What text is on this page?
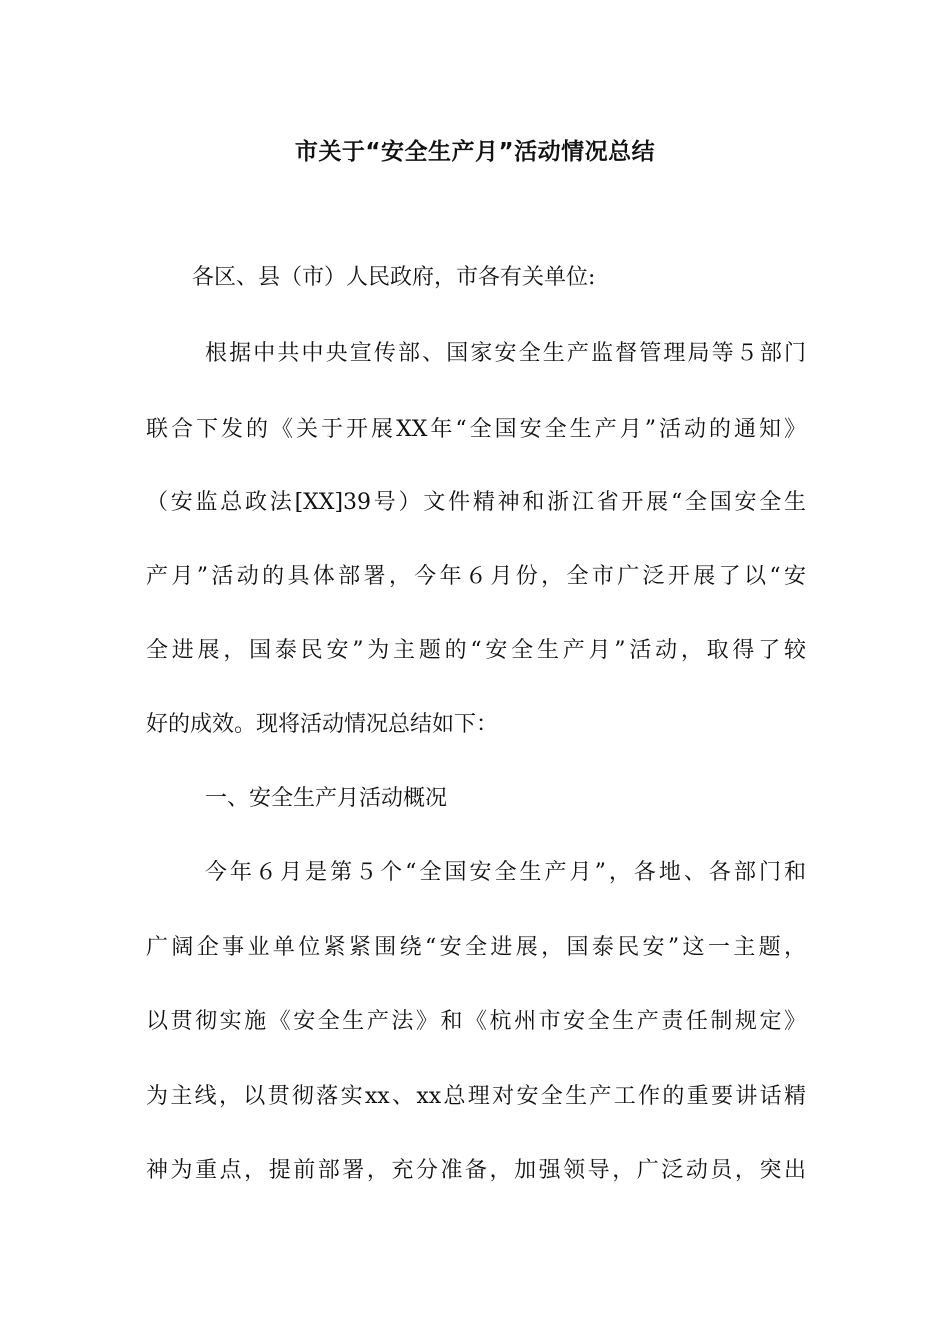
市关于“安全生产月”活动情况总结

各区、县（市）人民政府，市各有关单位:

根据中共中央宣传部、国家安全生产监督管理局等５部门

联合下发的《关于开展XX年“全国安全生产月”活动的通知》

（安监总政法[XX]39号）文件精神和浙江省开展“全国安全生

产月”活动的具体部署，今年６月份，全市广泛开展了以“安

全进展，国泰民安”为主题的“安全生产月”活动，取得了较

好的成效。现将活动情况总结如下：

一、安全生产月活动概况

今年６月是第５个“全国安全生产月”，各地、各部门和

广阔企事业单位紧紧围绕“安全进展，国泰民安”这一主题，

以贯彻实施《安全生产法》和《杭州市安全生产责任制规定》

为主线，以贯彻落实xx、xx总理对安全生产工作的重要讲话精

神为重点，提前部署，充分准备，加强领导，广泛动员，突出
